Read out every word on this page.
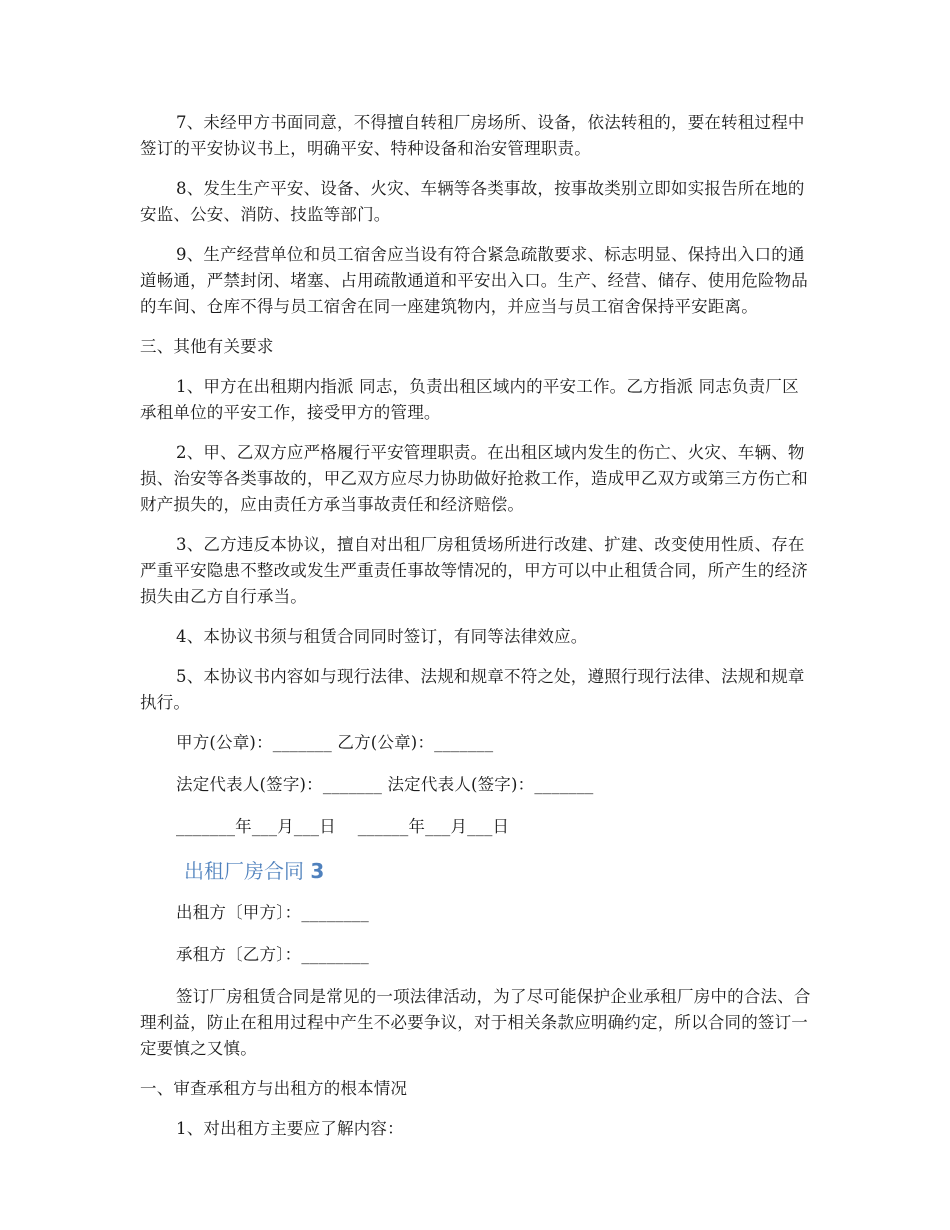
7、未经甲方书面同意，不得擅自转租厂房场所、设备，依法转租的，要在转租过程中签订的平安协议书上，明确平安、特种设备和治安管理职责。

8、发生生产平安、设备、火灾、车辆等各类事故，按事故类别立即如实报告所在地的安监、公安、消防、技监等部门。

9、生产经营单位和员工宿舍应当设有符合紧急疏散要求、标志明显、保持出入口的通道畅通，严禁封闭、堵塞、占用疏散通道和平安出入口。生产、经营、储存、使用危险物品的车间、仓库不得与员工宿舍在同一座建筑物内，并应当与员工宿舍保持平安距离。

三、其他有关要求

1、甲方在出租期内指派 同志，负责出租区域内的平安工作。乙方指派 同志负责厂区承租单位的平安工作，接受甲方的管理。

2、甲、乙双方应严格履行平安管理职责。在出租区域内发生的伤亡、火灾、车辆、物损、治安等各类事故的，甲乙双方应尽力协助做好抢救工作，造成甲乙双方或第三方伤亡和财产损失的，应由责任方承当事故责任和经济赔偿。

3、乙方违反本协议，擅自对出租厂房租赁场所进行改建、扩建、改变使用性质、存在严重平安隐患不整改或发生严重责任事故等情况的，甲方可以中止租赁合同，所产生的经济损失由乙方自行承当。

4、本协议书须与租赁合同同时签订，有同等法律效应。

5、本协议书内容如与现行法律、法规和规章不符之处，遵照行现行法律、法规和规章执行。

甲方(公章)：_______ 乙方(公章)：_______

法定代表人(签字)：_______ 法定代表人(签字)：_______

_______年___月___日    ______年___月___日

出租厂房合同 3

出租方〔甲方〕：________

承租方〔乙方〕：________

签订厂房租赁合同是常见的一项法律活动，为了尽可能保护企业承租厂房中的合法、合理利益，防止在租用过程中产生不必要争议，对于相关条款应明确约定，所以合同的签订一定要慎之又慎。

一、审查承租方与出租方的根本情况

1、对出租方主要应了解内容：
